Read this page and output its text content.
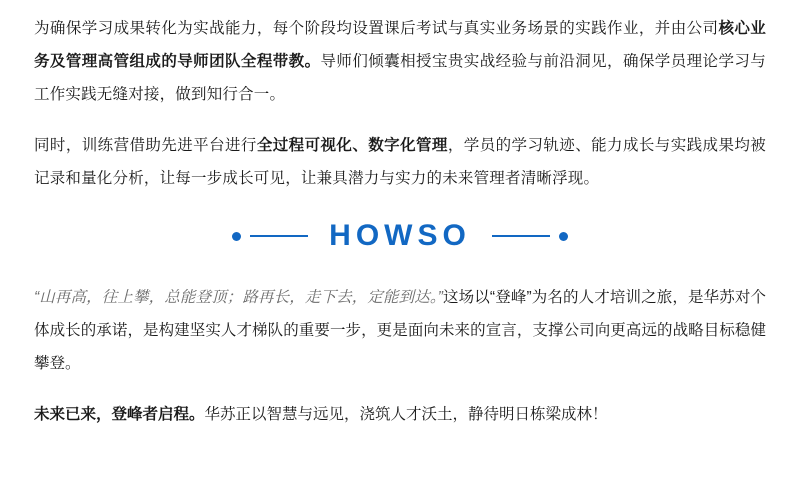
为确保学习成果转化为实战能力，每个阶段均设置课后考试与真实业务场景的实践作业，并由公司核心业务及管理高管组成的导师团队全程带教。导师们倾囊相授宝贵实战经验与前沿洞见，确保学员理论学习与工作实践无缝对接，做到知行合一。

同时，训练营借助先进平台进行全过程可视化、数字化管理，学员的学习轨迹、能力成长与实践成果均被记录和量化分析，让每一步成长可见，让兼具潜力与实力的未来管理者清晰浮现。

HOWSO

“山再高，往上攀，总能登顶；路再长，走下去，定能到达。”这场以“登峰”为名的人才培训之旅，是华苏对个体成长的承诺，是构建坚实人才梯队的重要一步，更是面向未来的宣言，支撑公司向更高远的战略目标稳健攀登。

未来已来，登峰者启程。华苏正以智慧与远见，浇筑人才沃土，静待明日栋梁成林！
